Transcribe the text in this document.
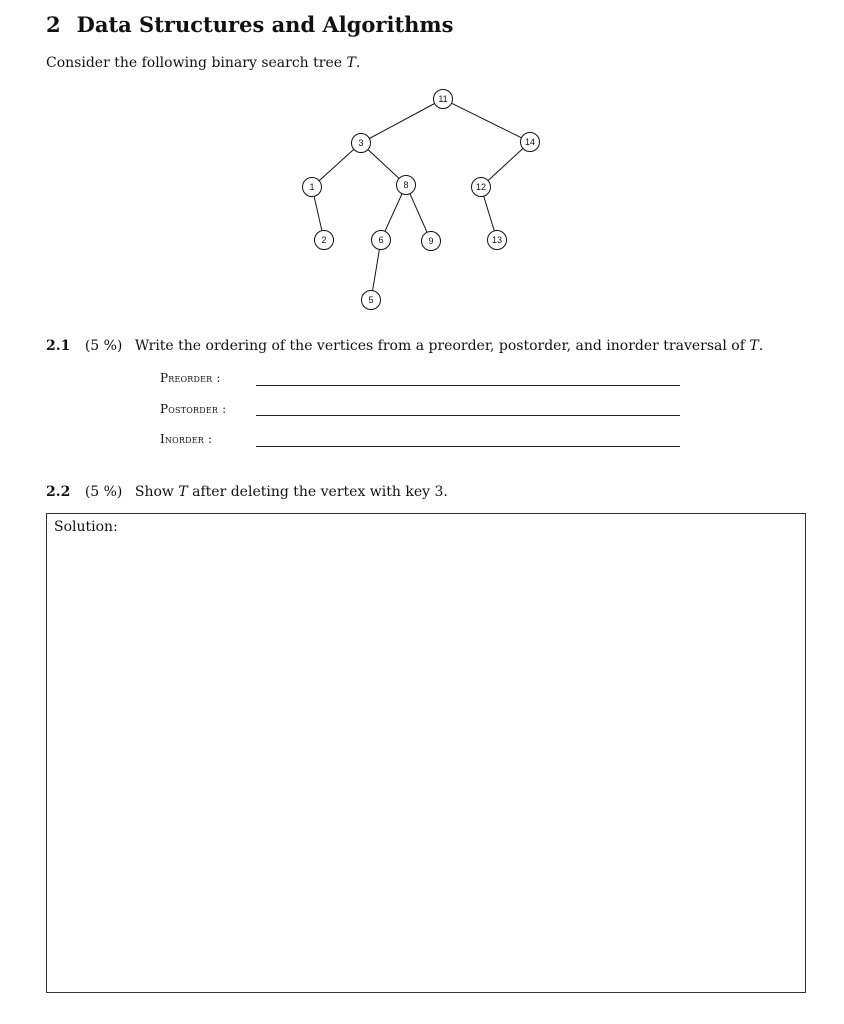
2 Data Structures and Algorithms
Consider the following binary search tree T.
11
3	14
1	8	12
2	6	9	13
5
2.1 (5 %) Write the ordering of the vertices from a preorder, postorder, and inorder traversal of T.
Preorder :
Postorder :
Inorder :
2.2 (5 %) Show T after deleting the vertex with key 3.
Solution:
